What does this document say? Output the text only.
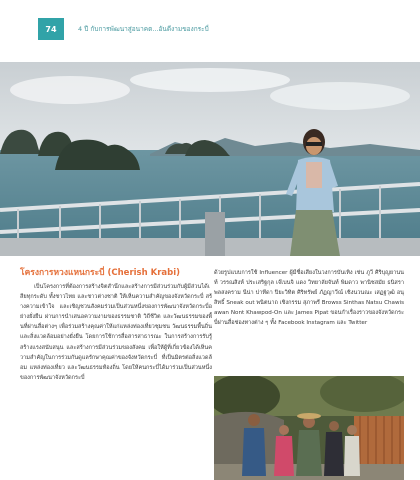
74	4 ปี กับการพัฒนาสู่อนาคต...อันดีงามของกระบี่
โครงการหวงแหนกระบี่ (Cherish Krabi)

เป็นโครงการที่ต้องการสร้างจิตสำนึกและสร้างการมีส่วนร่วมกับผู้มีส่วนได้เสียทุกระดับ ทั้งชาวไทย และชาวต่างชาติ ให้เห็นความสำคัญของจังหวัดกระบี่ สร้างความเข้าใจ และเชิญชวนสังคมร่วมเป็นส่วนหนึ่งของการพัฒนาจังหวัดกระบี่อย่างยั่งยืน ผ่านการนำเสนอความงามของธรรมชาติ วิถีชีวิต และวัฒนธรรมของพื้นที่ผ่านสื่อต่างๆ เพื่อร่วมสร้างคุณค่าให้แก่แหล่งท่องเที่ยวชุมชน วัฒนธรรมพื้นถิ่น และสิ่งแวดล้อมอย่างยั่งยืน โดยการใช้การสื่อสารสาธารณะ ในการสร้างการรับรู้ สร้างแรงสนับสนุน และสร้างการมีส่วนร่วมของสังคม เพื่อให้ผู้ที่เกี่ยวข้องได้เห็นความสำคัญในการร่วมกันดูแลรักษาคุณค่าของจังหวัดกระบี่ ที่เป็นมิตรต่อสิ่งแวดล้อม แหล่งท่องเที่ยว และวัฒนธรรมท้องถิ่น โดยให้คนกระบี่ได้มาร่วมเป็นส่วนหนึ่งของการพัฒนาจังหวัดกระบี่

ด้วยรูปแบบการใช้ Influencer ผู้มีชื่อเสียงในวงการบันเทิง เช่น ภูวี ศิริบุญยานนท์ วรรณสิงห์ ประเสริฐกุล เจ๊เบนจิ แดง วิทยาลัยจันท์ พิมดาว พานิชสมัย ธนิสรา พลสงคราม นีน่า ปาทีดา ปิยะวิทิต ศิริทรัพย์ ภัฏญาวีณ์ เชิงนวนณะ เสฏฐวุฒิ อนุสิทธิ์ Sneak out พนิตนาถ เชิงกรรม สุภาพรี Browss Sinthas Natsu Chawisawan Nont Khawpod-On และ James Pipat ขอนกำเรื่องราวของจังหวัดกระบี่ผ่านสื่อช่องทางต่าง ๆ ทั้ง Facebook Instagram และ Twitter
